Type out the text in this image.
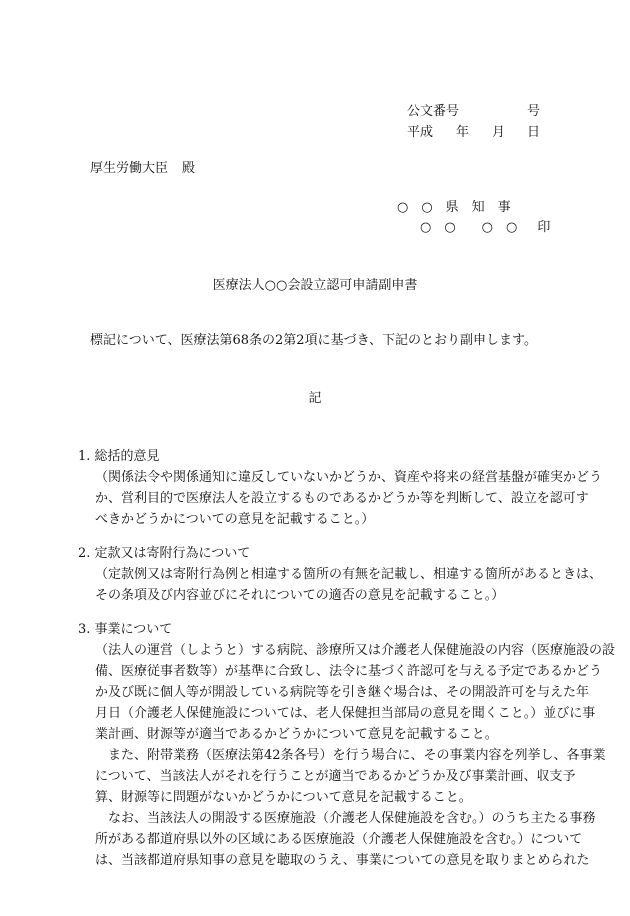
公文番号	号
平成 年 月 日
厚生労働大臣 殿
○　○　県　知　事
○　○　　○　○ 印
医療法人○○会設立認可申請副申書
標記について、医療法第68条の2第2項に基づき、下記のとおり副申します。
記
1. 総括的意見
（関係法令や関係通知に違反していないかどうか、資産や将来の経営基盤が確実かどう
か、営利目的で医療法人を設立するものであるかどうか等を判断して、設立を認可す
べきかどうかについての意見を記載すること。）
2. 定款又は寄附行為について
（定款例又は寄附行為例と相違する箇所の有無を記載し、相違する箇所があるときは、
その条項及び内容並びにそれについての適否の意見を記載すること。）
3. 事業について
（法人の運営（しようと）する病院、診療所又は介護老人保健施設の内容（医療施設の設
備、医療従事者数等）が基準に合致し、法令に基づく許認可を与える予定であるかどう
か及び既に個人等が開設している病院等を引き継ぐ場合は、その開設許可を与えた年
月日（介護老人保健施設については、老人保健担当部局の意見を聞くこと。）並びに事
業計画、財源等が適当であるかどうかについて意見を記載すること。
　また、附帯業務（医療法第42条各号）を行う場合に、その事業内容を列挙し、各事業
について、当該法人がそれを行うことが適当であるかどうか及び事業計画、収支予
算、財源等に問題がないかどうかについて意見を記載すること。
　なお、当該法人の開設する医療施設（介護老人保健施設を含む。）のうち主たる事務
所がある都道府県以外の区域にある医療施設（介護老人保健施設を含む。）について
は、当該都道府県知事の意見を聴取のうえ、事業についての意見を取りまとめられた
